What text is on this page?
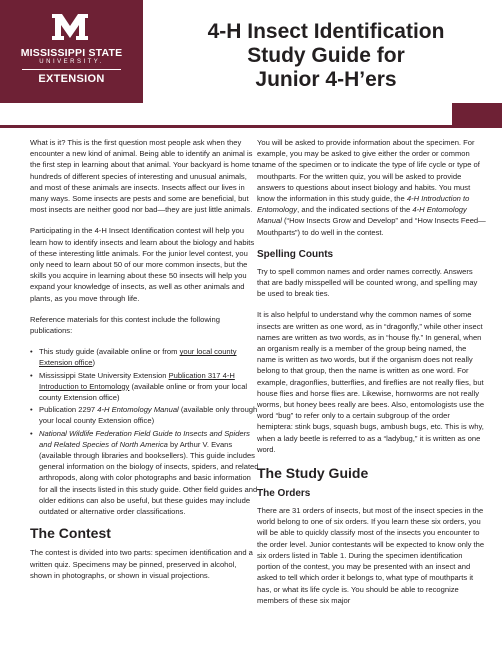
MISSISSIPPI STATE
UNIVERSITY.
EXTENSION
4-H Insect Identification
Study Guide for
Junior 4-H’ers

What is it? This is the first question most people ask when they encounter a new kind of animal. Being able to identify an animal is the first step in learning about that animal. Your backyard is home to hundreds of different species of interesting and unusual animals, and most of these animals are insects. Insects affect our lives in many ways. Some insects are pests and some are beneficial, but most insects are neither good nor bad—they are just little animals.

Participating in the 4-H Insect Identification contest will help you learn how to identify insects and learn about the biology and habits of these interesting little animals. For the junior level contest, you only need to learn about 50 of our more common insects, but the skills you acquire in learning about these 50 insects will help you expand your knowledge of insects, as well as other animals and plants, as you move through life.

Reference materials for this contest include the following publications:

• This study guide (available online or from your local county Extension office)
• Mississippi State University Extension Publication 317 4-H Introduction to Entomology (available online or from your local county Extension office)
• Publication 2297 4-H Entomology Manual (available only through your local county Extension office)
• National Wildlife Federation Field Guide to Insects and Spiders and Related Species of North America by Arthur V. Evans (available through libraries and booksellers). This guide includes general information on the biology of insects, spiders, and related arthropods, along with color photographs and basic information for all the insects listed in this study guide. Other field guides and older editions can also be useful, but these guides may include outdated or alternative order classifications.
The Contest

The contest is divided into two parts: specimen identification and a written quiz. Specimens may be pinned, preserved in alcohol, shown in photographs, or shown in visual projections.

You will be asked to provide information about the specimen. For example, you may be asked to give either the order or common name of the specimen or to indicate the type of life cycle or type of mouthparts. For the written quiz, you will be asked to provide answers to questions about insect biology and habits. You must know the information in this study guide, the 4-H Introduction to Entomology, and the indicated sections of the 4-H Entomology Manual (“How Insects Grow and Develop” and “How Insects Feed—Mouthparts”) to do well in the contest.

Spelling Counts

Try to spell common names and order names correctly. Answers that are badly misspelled will be counted wrong, and spelling may be used to break ties.

It is also helpful to understand why the common names of some insects are written as one word, as in “dragonfly,” while other insect names are written as two words, as in “house fly.” In general, when an organism really is a member of the group being named, the name is written as two words, but if the organism does not really belong to that group, then the name is written as one word. For example, dragonflies, butterflies, and fireflies are not really flies, but house flies and horse flies are. Likewise, hornworms are not really worms, but honey bees really are bees. Also, entomologists use the word “bug” to refer only to a certain subgroup of the order hemiptera: stink bugs, squash bugs, ambush bugs, etc. This is why, when a lady beetle is referred to as a “ladybug,” it is written as one word.

The Study Guide
The Orders

There are 31 orders of insects, but most of the insect species in the world belong to one of six orders. If you learn these six orders, you will be able to quickly classify most of the insects you encounter to the order level. Junior contestants will be expected to know only the six orders listed in Table 1. During the specimen identification portion of the contest, you may be presented with an insect and asked to tell which order it belongs to, what type of mouthparts it has, or what its life cycle is. You should be able to recognize members of these six major
